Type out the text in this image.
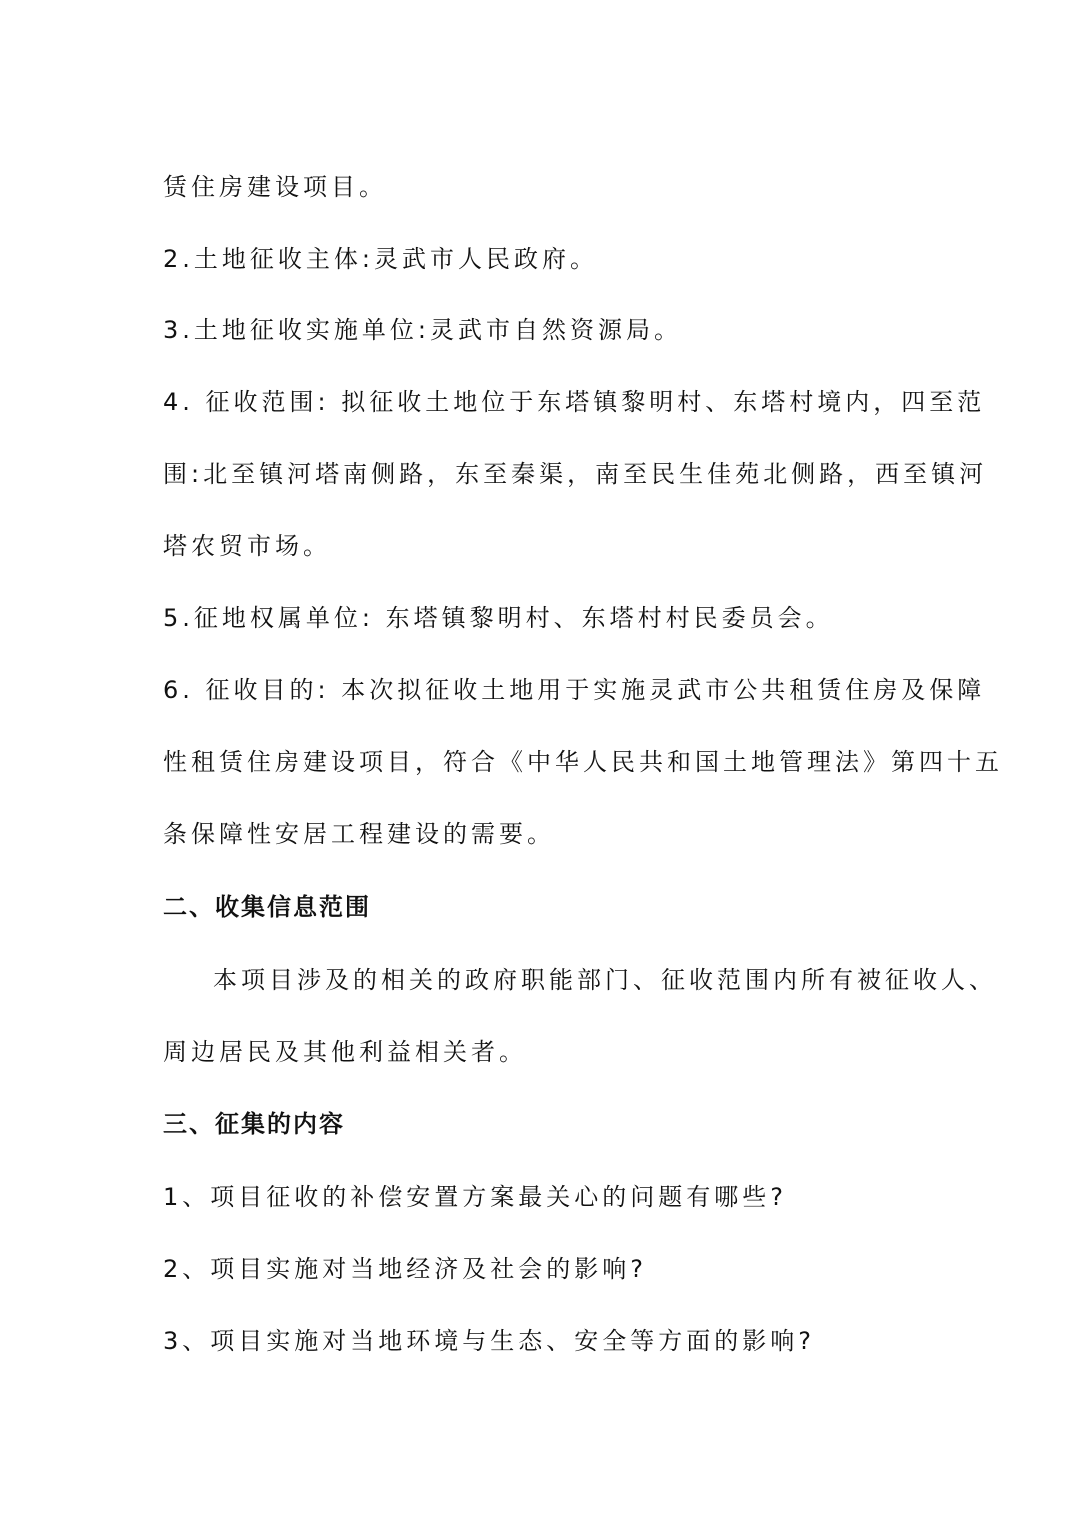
赁住房建设项目。
2.土地征收主体:灵武市人民政府。
3.土地征收实施单位:灵武市自然资源局。
4. 征收范围: 拟征收土地位于东塔镇黎明村、东塔村境内，四至范
围:北至镇河塔南侧路，东至秦渠，南至民生佳苑北侧路，西至镇河
塔农贸市场。
5.征地权属单位: 东塔镇黎明村、东塔村村民委员会。
6. 征收目的: 本次拟征收土地用于实施灵武市公共租赁住房及保障
性租赁住房建设项目，符合《中华人民共和国土地管理法》第四十五
条保障性安居工程建设的需要。
二、收集信息范围
本项目涉及的相关的政府职能部门、征收范围内所有被征收人、
周边居民及其他利益相关者。
三、征集的内容
1、项目征收的补偿安置方案最关心的问题有哪些?
2、项目实施对当地经济及社会的影响?
3、项目实施对当地环境与生态、安全等方面的影响?
